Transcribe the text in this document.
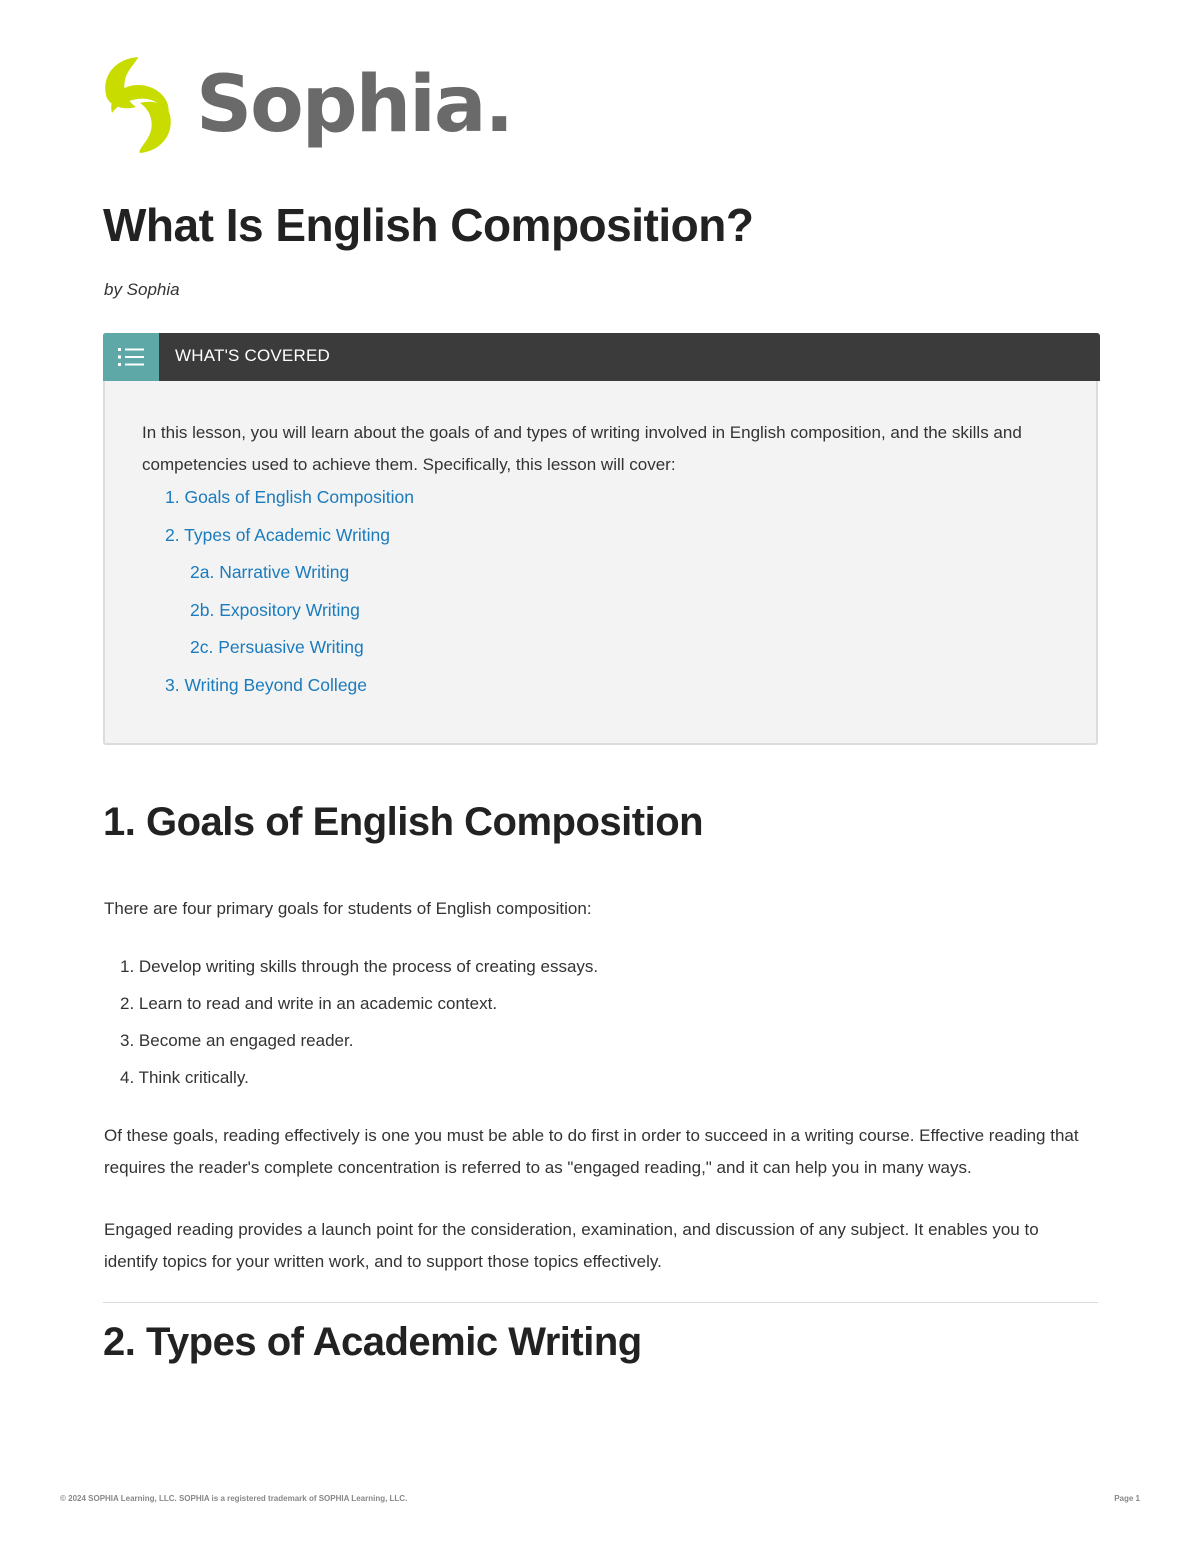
Sophia .
What Is English Composition?
by Sophia
WHAT'S COVERED
In this lesson, you will learn about the goals of and types of writing involved in English composition, and the skills and competencies used to achieve them. Specifically, this lesson will cover:
1. Goals of English Composition
2. Types of Academic Writing
2a. Narrative Writing
2b. Expository Writing
2c. Persuasive Writing
3. Writing Beyond College
1. Goals of English Composition
There are four primary goals for students of English composition:
1. Develop writing skills through the process of creating essays.
2. Learn to read and write in an academic context.
3. Become an engaged reader.
4. Think critically.
Of these goals, reading effectively is one you must be able to do first in order to succeed in a writing course. Effective reading that requires the reader's complete concentration is referred to as "engaged reading," and it can help you in many ways.
Engaged reading provides a launch point for the consideration, examination, and discussion of any subject. It enables you to identify topics for your written work, and to support those topics effectively.
2. Types of Academic Writing
© 2024 SOPHIA Learning, LLC. SOPHIA is a registered trademark of SOPHIA Learning, LLC.	Page 1
